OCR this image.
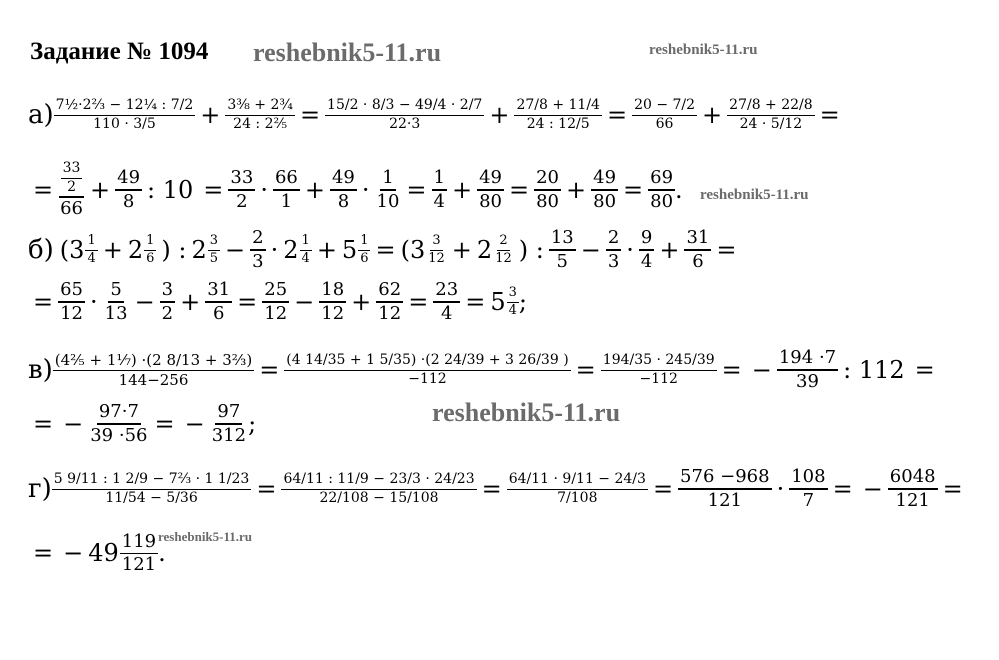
Задание № 1094 reshebnik5-11.ru	reshebnik5-11.ru
reshebnik5-11.ru
reshebnik5-11.ru
reshebnik5-11.ru
$а) \frac{\text{7½·2⅔ − 12¼ : 7/2}}{110 \cdot 3/5} + \frac{\text{3⅜ + 2¾}}{\text{24 : 2⅖}} = \frac{15/2 \cdot 8/3 - 49/4 \cdot 2/7}{22\cdot 3} + \frac{27/8 + 11/4}{24 : 12/5} = \frac{20 - 7/2}{66} + \frac{27/8 + 22/8}{24 \cdot 5/12}$ =
= $\frac{\frac{33}{2}}{66} + \frac{49}{8}$ : $10 = \frac{33}{2} \cdot \frac{66}{1} + \frac{49}{8} \cdot \frac{1}{10} = \frac{1}{4} + \frac{49}{80} = \frac{20}{80} + \frac{49}{80} = \frac{69}{80}$ .
б) ( $3 \frac{1}{4} + 2 \frac{1}{6}$ ) : $2 \frac{3}{5} - \frac{2}{3} \cdot 2 \frac{1}{4} + 5 \frac{1}{6}$ = ( $3 \frac{3}{12} + 2 \frac{2}{12}$ ) : $\frac{13}{5} - \frac{2}{3} \cdot \frac{9}{4} + \frac{31}{6}$ =
= $\frac{65}{12} \cdot \frac{5}{13} - \frac{3}{2} + \frac{31}{6} = \frac{25}{12} - \frac{18}{12} + \frac{62}{12} = \frac{23}{4} = 5 \frac{3}{4}$ ;
$в) \frac{\text{(4⅖ + 1⅐) ·(2 8/13 + 3⅔)}}{144-256} = \frac{(4 14/35 + 1 5/35) \cdot(2 24/39 + 3 26/39 )}{-112} = \frac{194/35 \cdot 245/39}{-112}$ = − $\frac{194 \cdot 7}{39}$ : 112 =
= − $\frac{97\cdot 7}{39 \cdot 56}$ = − $\frac{97}{312}$ ;
$г) \frac{\text{5 9/11 : 1 2/9 − 7⅔ · 1 1/23}}{11/54 - 5/36} = \frac{64/11 : 11/9 - 23/3 \cdot 24/23}{22/108 - 15/108} = \frac{64/11 \cdot 9/11 - 24/3}{7/108} = \frac{576 -968}{121} \cdot \frac{108}{7}$ = − $\frac{6048}{121}$ =
= − $49 \frac{119}{121}$ .
